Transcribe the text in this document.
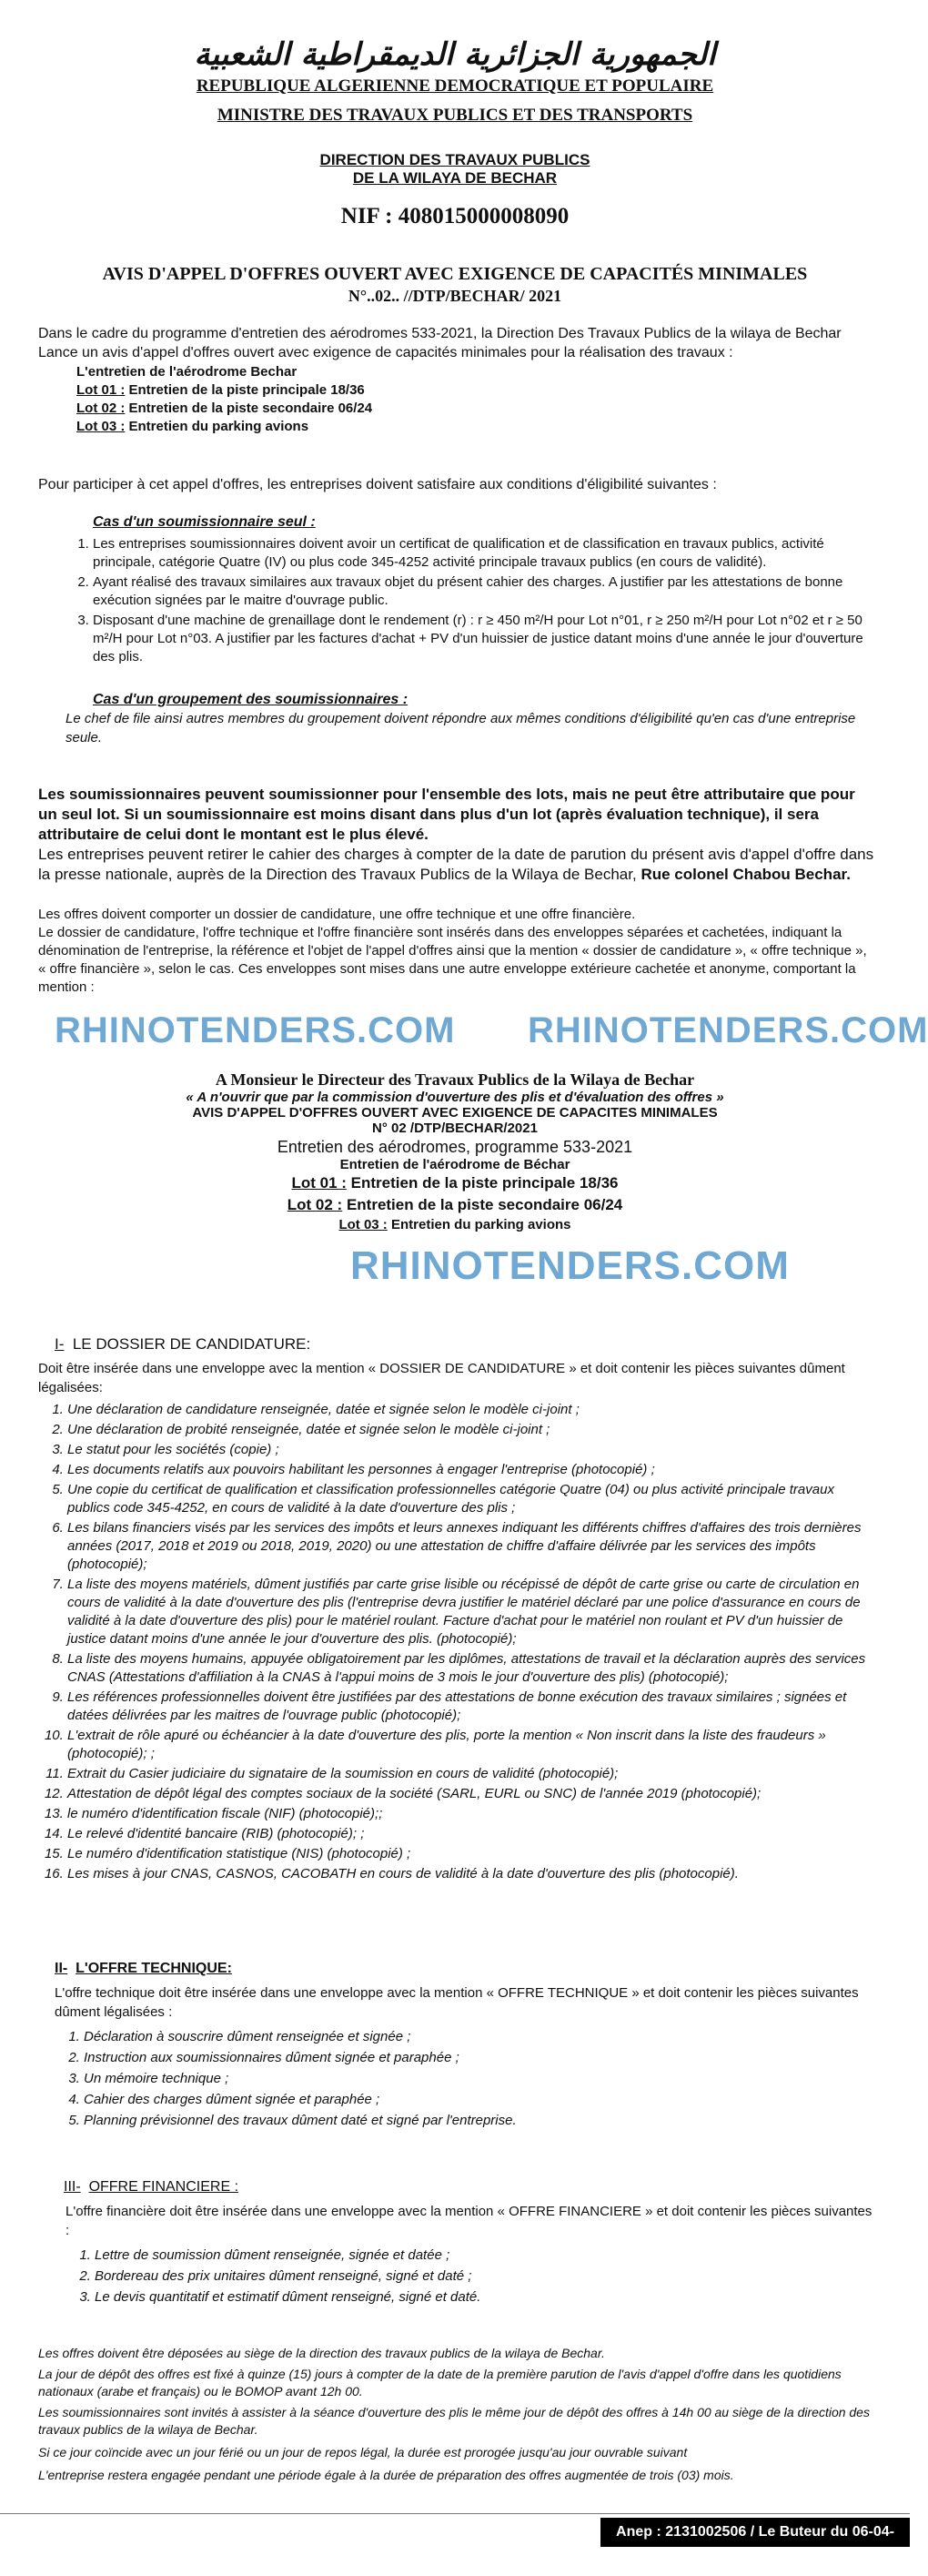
الجمهورية الجزائرية الديمقراطية الشعبية

REPUBLIQUE ALGERIENNE DEMOCRATIQUE ET POPULAIRE

MINISTRE DES TRAVAUX PUBLICS ET DES TRANSPORTS

DIRECTION DES TRAVAUX PUBLICS

DE LA WILAYA DE BECHAR

NIF : 408015000008090

AVIS D'APPEL D'OFFRES OUVERT AVEC EXIGENCE DE CAPACITÉS MINIMALES

N°..02.. //DTP/BECHAR/ 2021

Dans le cadre du programme d'entretien des aérodromes 533-2021, la Direction Des Travaux Publics de la wilaya de Bechar Lance un avis d'appel d'offres ouvert avec exigence de capacités minimales pour la réalisation des travaux :

L'entretien de l'aérodrome Bechar

Lot 01 : Entretien de la piste principale 18/36
Lot 02 : Entretien de la piste secondaire 06/24
Lot 03 : Entretien du parking avions

Pour participer à cet appel d'offres, les entreprises doivent satisfaire aux conditions d'éligibilité suivantes :

Cas d'un soumissionnaire seul :

1. Les entreprises soumissionnaires doivent avoir un certificat de qualification et de classification en travaux publics, activité principale, catégorie Quatre (IV) ou plus code 345-4252 activité principale travaux publics (en cours de validité).
2. Ayant réalisé des travaux similaires aux travaux objet du présent cahier des charges. A justifier par les attestations de bonne exécution signées par le maitre d'ouvrage public.
3. Disposant d'une machine de grenaillage dont le rendement (r) : r ≥ 450 m²/H pour Lot n°01, r ≥ 250 m²/H pour Lot n°02 et r ≥ 50 m²/H pour Lot n°03. A justifier par les factures d'achat + PV d'un huissier de justice datant moins d'une année le jour d'ouverture des plis.

Cas d'un groupement des soumissionnaires :

Le chef de file ainsi autres membres du groupement doivent répondre aux mêmes conditions d'éligibilité qu'en cas d'une entreprise seule.

Les soumissionnaires peuvent soumissionner pour l'ensemble des lots, mais ne peut être attributaire que pour un seul lot. Si un soumissionnaire est moins disant dans plus d'un lot (après évaluation technique), il sera attributaire de celui dont le montant est le plus élevé.

Les entreprises peuvent retirer le cahier des charges à compter de la date de parution du présent avis d'appel d'offre dans la presse nationale, auprès de la Direction des Travaux Publics de la Wilaya de Bechar, Rue colonel Chabou Bechar.

Les offres doivent comporter un dossier de candidature, une offre technique et une offre financière.

Le dossier de candidature, l'offre technique et l'offre financière sont insérés dans des enveloppes séparées et cachetées, indiquant la dénomination de l'entreprise, la référence et l'objet de l'appel d'offres ainsi que la mention « dossier de candidature », « offre technique », « offre financière », selon le cas. Ces enveloppes sont mises dans une autre enveloppe extérieure cachetée et anonyme, comportant la mention :

A Monsieur le Directeur des Travaux Publics de la Wilaya de Bechar

« A n'ouvrir que par la commission d'ouverture des plis et d'évaluation des offres »

AVIS D'APPEL D'OFFRES OUVERT AVEC EXIGENCE DE CAPACITES MINIMALES

N° 02 /DTP/BECHAR/2021

Entretien des aérodromes, programme 533-2021

Entretien de l'aérodrome de Béchar

Lot 01 : Entretien de la piste principale 18/36
Lot 02 : Entretien de la piste secondaire 06/24
Lot 03 : Entretien du parking avions

I- LE DOSSIER DE CANDIDATURE:

Doit être insérée dans une enveloppe avec la mention « DOSSIER DE CANDIDATURE » et doit contenir les pièces suivantes dûment légalisées:

1. Une déclaration de candidature renseignée, datée et signée selon le modèle ci-joint ;
2. Une déclaration de probité renseignée, datée et signée selon le modèle ci-joint ;
3. Le statut pour les sociétés (copie) ;
4. Les documents relatifs aux pouvoirs habilitant les personnes à engager l'entreprise (photocopié) ;
5. Une copie du certificat de qualification et classification professionnelles catégorie Quatre (04) ou plus activité principale travaux publics code 345-4252, en cours de validité à la date d'ouverture des plis ;
6. Les bilans financiers visés par les services des impôts et leurs annexes indiquant les différents chiffres d'affaires des trois dernières années (2017, 2018 et 2019 ou 2018, 2019, 2020) ou une attestation de chiffre d'affaire délivrée par les services des impôts (photocopié);
7. La liste des moyens matériels, dûment justifiés par carte grise lisible ou récépissé de dépôt de carte grise ou carte de circulation en cours de validité à la date d'ouverture des plis (l'entreprise devra justifier le matériel déclaré par une police d'assurance en cours de validité à la date d'ouverture des plis) pour le matériel roulant. Facture d'achat pour le matériel non roulant et PV d'un huissier de justice datant moins d'une année le jour d'ouverture des plis. (photocopié);
8. La liste des moyens humains, appuyée obligatoirement par les diplômes, attestations de travail et la déclaration auprès des services CNAS (Attestations d'affiliation à la CNAS à l'appui moins de 3 mois le jour d'ouverture des plis) (photocopié);
9. Les références professionnelles doivent être justifiées par des attestations de bonne exécution des travaux similaires ; signées et datées délivrées par les maitres de l'ouvrage public (photocopié);
10. L'extrait de rôle apuré ou échéancier à la date d'ouverture des plis, porte la mention « Non inscrit dans la liste des fraudeurs » (photocopié); ;
11. Extrait du Casier judiciaire du signataire de la soumission en cours de validité (photocopié);
12. Attestation de dépôt légal des comptes sociaux de la société (SARL, EURL ou SNC) de l'année 2019 (photocopié);
13. le numéro d'identification fiscale (NIF) (photocopié);;
14. Le relevé d'identité bancaire (RIB) (photocopié); ;
15. Le numéro d'identification statistique (NIS) (photocopié) ;
16. Les mises à jour CNAS, CASNOS, CACOBATH en cours de validité à la date d'ouverture des plis (photocopié).

II- L'OFFRE TECHNIQUE:

L'offre technique doit être insérée dans une enveloppe avec la mention « OFFRE TECHNIQUE » et doit contenir les pièces suivantes dûment légalisées :

1. Déclaration à souscrire dûment renseignée et signée ;
2. Instruction aux soumissionnaires dûment signée et paraphée ;
3. Un mémoire technique ;
4. Cahier des charges dûment signée et paraphée ;
5. Planning prévisionnel des travaux dûment daté et signé par l'entreprise.

III- OFFRE FINANCIERE :

L'offre financière doit être insérée dans une enveloppe avec la mention « OFFRE FINANCIERE » et doit contenir les pièces suivantes :

1. Lettre de soumission dûment renseignée, signée et datée ;
2. Bordereau des prix unitaires dûment renseigné, signé et daté ;
3. Le devis quantitatif et estimatif dûment renseigné, signé et daté.

Les offres doivent être déposées au siège de la direction des travaux publics de la wilaya de Bechar.

La jour de dépôt des offres est fixé à quinze (15) jours à compter de la date de la première parution de l'avis d'appel d'offre dans les quotidiens nationaux (arabe et français) ou le BOMOP avant 12h 00.

Les soumissionnaires sont invités à assister à la séance d'ouverture des plis le même jour de dépôt des offres à 14h 00 au siège de la direction des travaux publics de la wilaya de Bechar.

Si ce jour coïncide avec un jour férié ou un jour de repos légal, la durée est prorogée jusqu'au jour ouvrable suivant

L'entreprise restera engagée pendant une période égale à la durée de préparation des offres augmentée de trois (03) mois.

RHINOTENDERS.COM RHINOTENDERS.COM
RHINOTENDERS.COM
Anep : 2131002506 / Le Buteur du 06-04-2021
